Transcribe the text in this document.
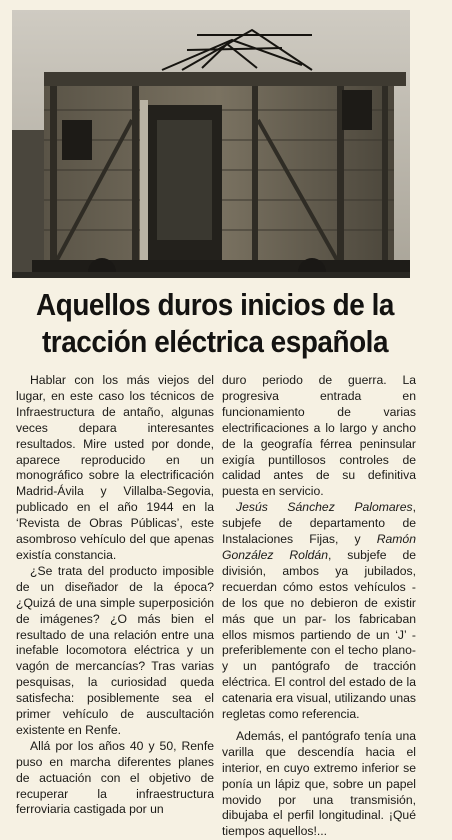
Aquellos duros inicios de la
tracción eléctrica española

Hablar con los más viejos del lugar, en este caso los técnicos de Infraestructura de antaño, algunas veces depara interesantes resultados. Mire usted por donde, aparece reproducido en un monográfico sobre la electrificación Madrid-Ávila y Villalba-Segovia, publicado en el año 1944 en la ‘Revista de Obras Públicas’, este asombroso vehículo del que apenas existía constancia.

¿Se trata del producto imposible de un diseñador de la época? ¿Quizá de una simple superposición de imágenes? ¿O más bien el resultado de una relación entre una inefable locomotora eléctrica y un vagón de mercancías? Tras varias pesquisas, la curiosidad queda satisfecha: posiblemente sea el primer vehículo de auscultación existente en Renfe.

Allá por los años 40 y 50, Renfe puso en marcha diferentes planes de actuación con el objetivo de recuperar la infraestructura ferroviaria castigada por un

duro periodo de guerra. La progresiva entrada en funcionamiento de varias electrificaciones a lo largo y ancho de la geografía férrea peninsular exigía puntillosos controles de calidad antes de su definitiva puesta en servicio.

Jesús Sánchez Palomares, subjefe de departamento de Instalaciones Fijas, y Ramón González Roldán, subjefe de división, ambos ya jubilados, recuerdan cómo estos vehículos -de los que no debieron de existir más que un par- los fabricaban ellos mismos partiendo de un ‘J’ -preferiblemente con el techo plano- y un pantógrafo de tracción eléctrica. El control del estado de la catenaria era visual, utilizando unas regletas como referencia.

Además, el pantógrafo tenía una varilla que descendía hacia el interior, en cuyo extremo inferior se ponía un lápiz que, sobre un papel movido por una transmisión, dibujaba el perfil longitudinal. ¡Qué tiempos aquellos!...
